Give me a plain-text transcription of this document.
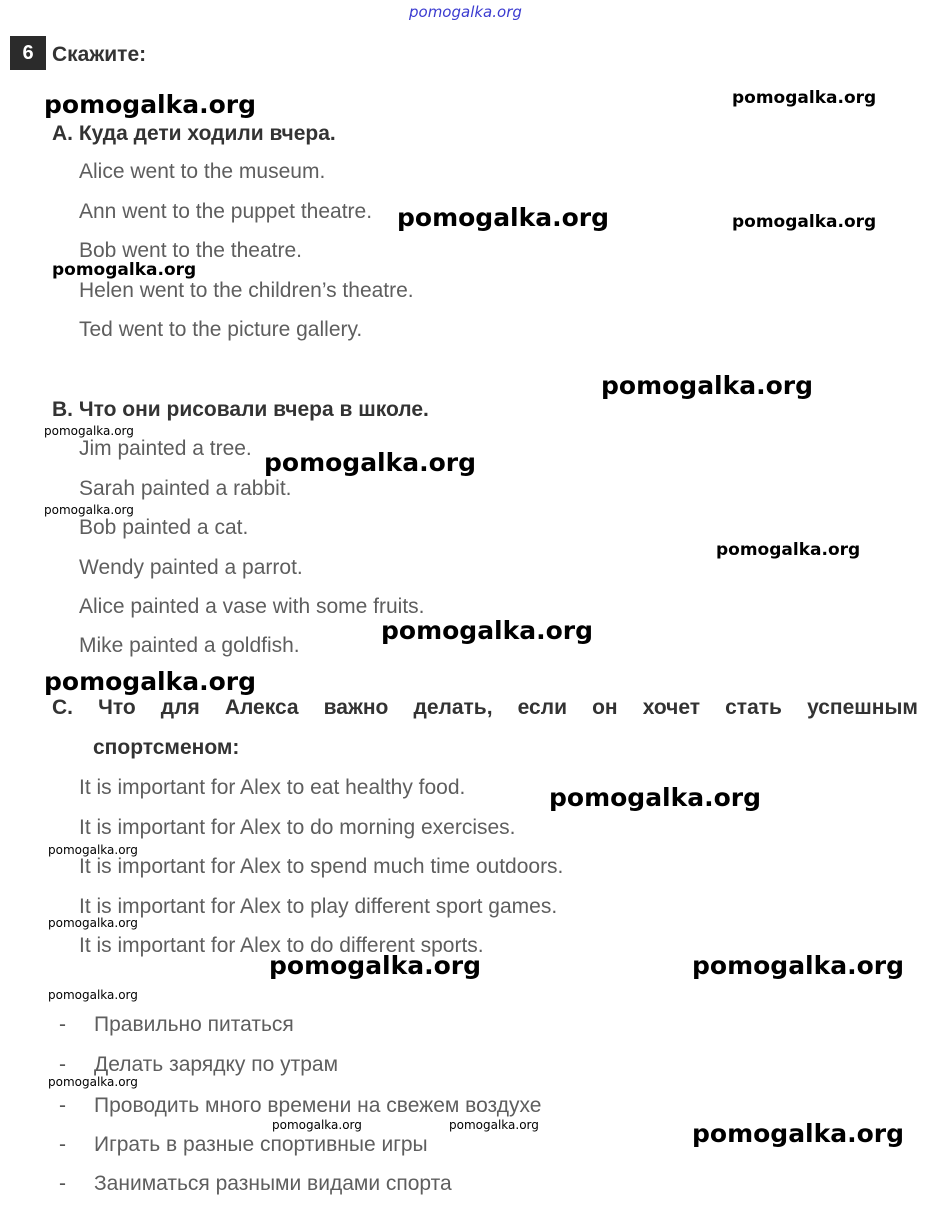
pomogalka.org
6 Скажите:
A. Куда дети ходили вчера.
Alice went to the museum.
Ann went to the puppet theatre.
Bob went to the theatre.
Helen went to the children’s theatre.
Ted went to the picture gallery.
B. Что они рисовали вчера в школе.
Jim painted a tree.
Sarah painted a rabbit.
Bob painted a cat.
Wendy painted a parrot.
Alice painted a vase with some fruits.
Mike painted a goldfish.
C. Что для Алекса важно делать, если он хочет стать успешным
спортсменом:
It is important for Alex to eat healthy food.
It is important for Alex to do morning exercises.
It is important for Alex to spend much time outdoors.
It is important for Alex to play different sport games.
It is important for Alex to do different sports.
- Правильно питаться
- Делать зарядку по утрам
- Проводить много времени на свежем воздухе
- Играть в разные спортивные игры
- Заниматься разными видами спорта
pomogalka.org	pomogalka.org
pomogalka.org	pomogalka.org
pomogalka.org
pomogalka.org
pomogalka.org
pomogalka.org
pomogalka.org
pomogalka.org
pomogalka.org
pomogalka.org
pomogalka.org
pomogalka.org
pomogalka.org
pomogalka.org	pomogalka.org
pomogalka.org
pomogalka.org
pomogalka.org	pomogalka.org	pomogalka.org
